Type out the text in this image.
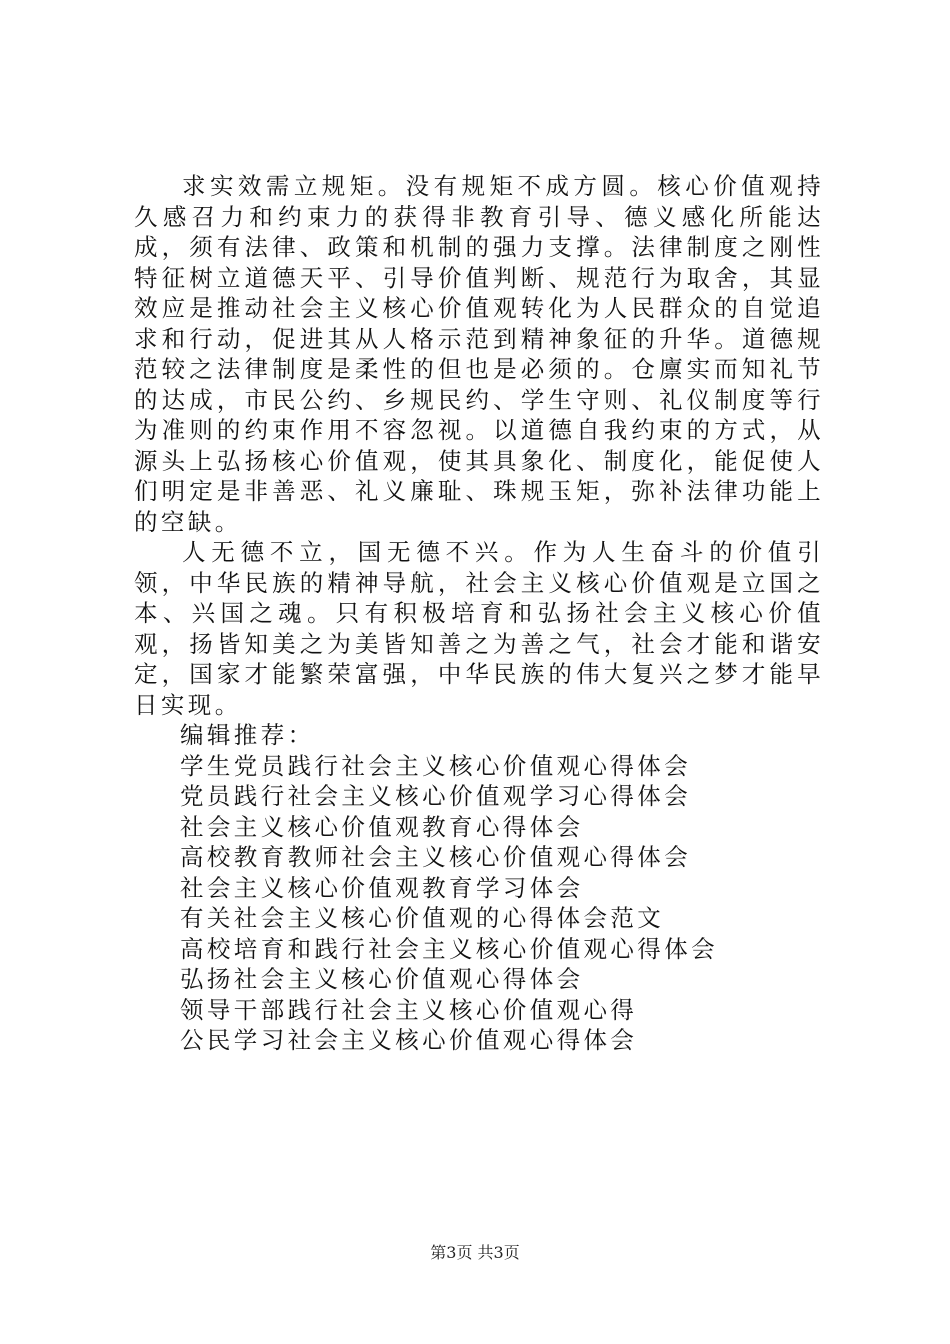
求实效需立规矩。没有规矩不成方圆。核心价值观持久感召力和约束力的获得非教育引导、德义感化所能达成，须有法律、政策和机制的强力支撑。法律制度之刚性特征树立道德天平、引导价值判断、规范行为取舍，其显效应是推动社会主义核心价值观转化为人民群众的自觉追求和行动，促进其从人格示范到精神象征的升华。道德规范较之法律制度是柔性的但也是必须的。仓廪实而知礼节的达成，市民公约、乡规民约、学生守则、礼仪制度等行为准则的约束作用不容忽视。以道德自我约束的方式，从源头上弘扬核心价值观，使其具象化、制度化，能促使人们明定是非善恶、礼义廉耻、珠规玉矩，弥补法律功能上的空缺。

人无德不立，国无德不兴。作为人生奋斗的价值引领，中华民族的精神导航，社会主义核心价值观是立国之本、兴国之魂。只有积极培育和弘扬社会主义核心价值观，扬皆知美之为美皆知善之为善之气，社会才能和谐安定，国家才能繁荣富强，中华民族的伟大复兴之梦才能早日实现。

编辑推荐：

学生党员践行社会主义核心价值观心得体会
党员践行社会主义核心价值观学习心得体会
社会主义核心价值观教育心得体会
高校教育教师社会主义核心价值观心得体会
社会主义核心价值观教育学习体会
有关社会主义核心价值观的心得体会范文
高校培育和践行社会主义核心价值观心得体会
弘扬社会主义核心价值观心得体会
领导干部践行社会主义核心价值观心得
公民学习社会主义核心价值观心得体会
第3页 共3页
